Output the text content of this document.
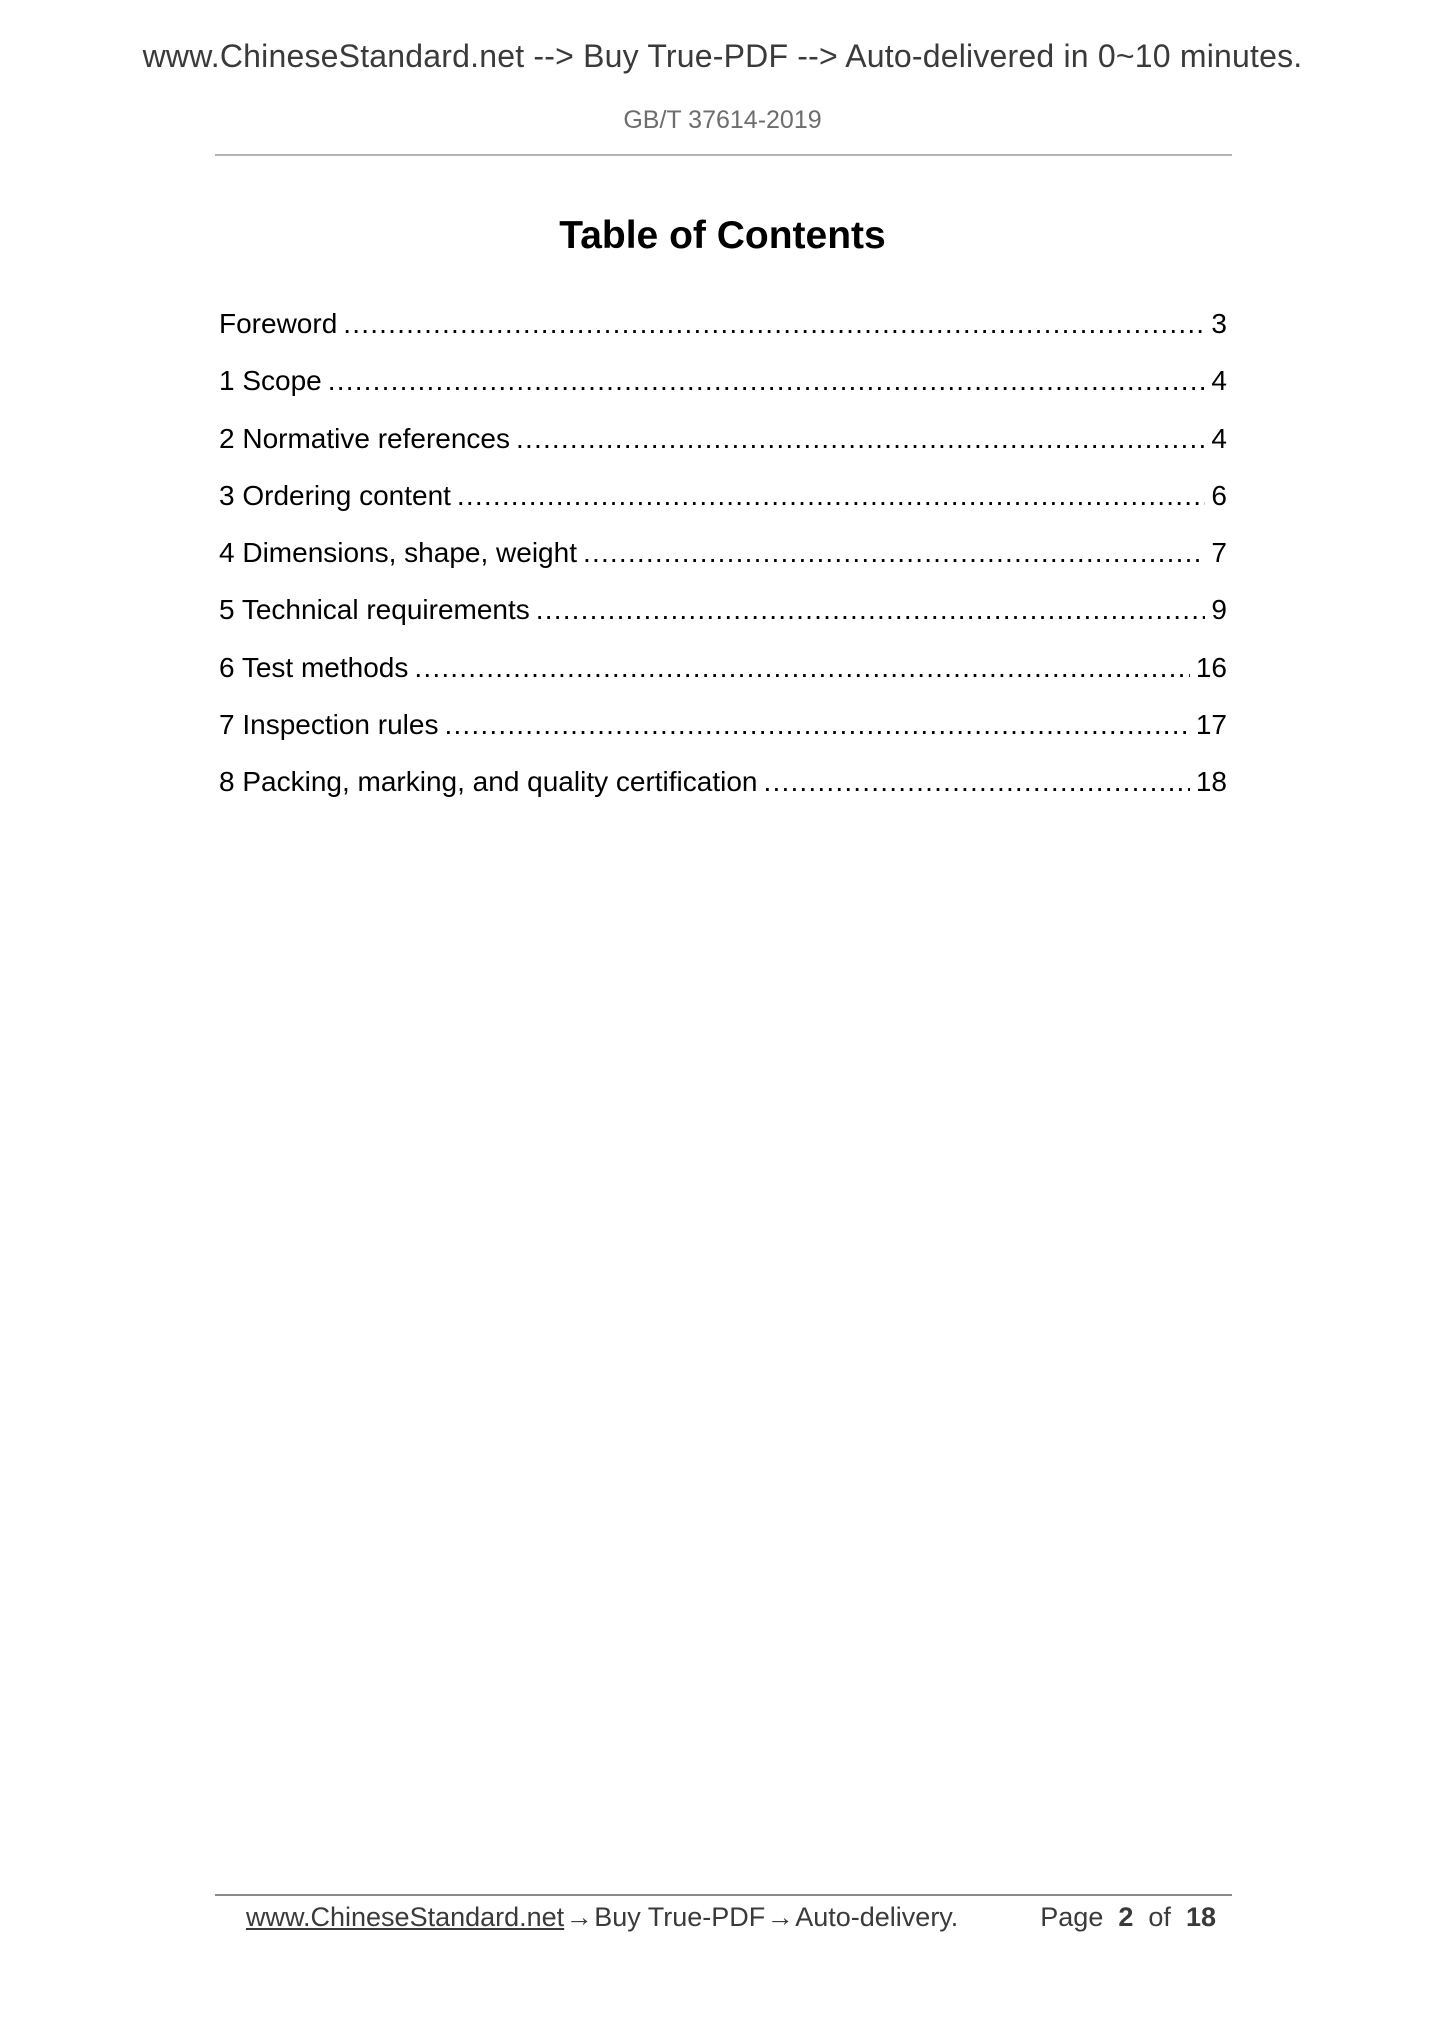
www.ChineseStandard.net --> Buy True-PDF --> Auto-delivered in 0~10 minutes.
GB/T 37614-2019
Table of Contents
Foreword .....	3
1 Scope .....	4
2 Normative references .....	4
3 Ordering content .....	6
4 Dimensions, shape, weight .....	7
5 Technical requirements .....	9
6 Test methods .....	16
7 Inspection rules .....	17
8 Packing, marking, and quality certification .....	18
www.ChineseStandard.net→Buy True-PDF→Auto-delivery.	Page 2 of 18
